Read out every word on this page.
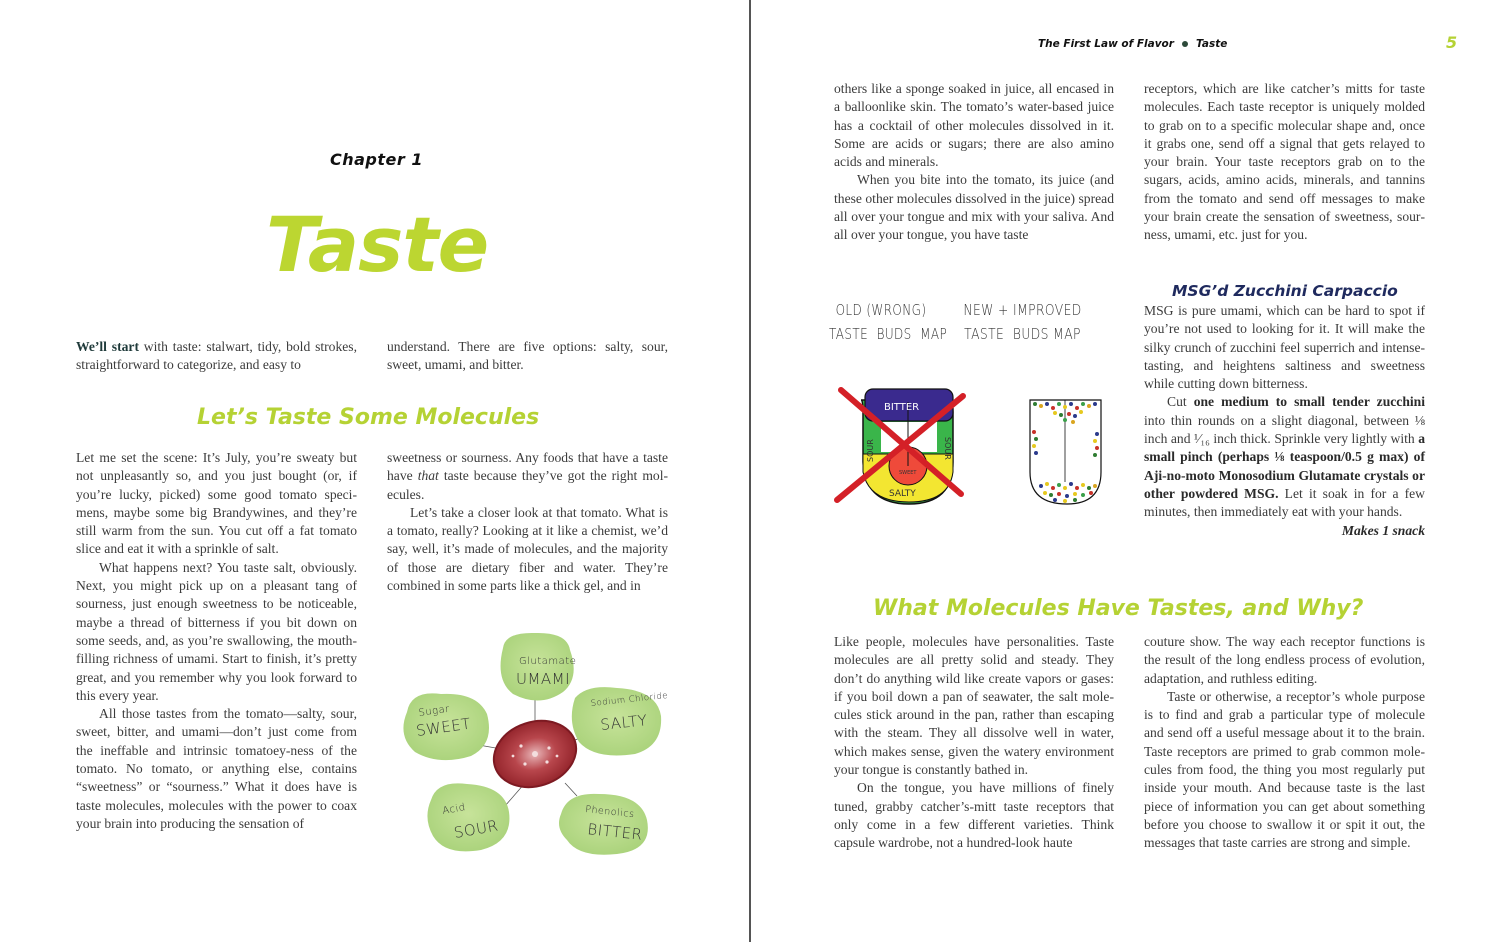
Chapter 1
Taste

We’ll start with taste: stalwart, tidy, bold strokes, straightforward to categorize, and easy to

understand. There are five options: salty, sour, sweet, umami, and bitter.

Let’s Taste Some Molecules

Let me set the scene: It’s July, you’re sweaty but not unpleasantly so, and you just bought (or, if you’re lucky, picked) some good tomato specimens, maybe some big Brandywines, and they’re still warm from the sun. You cut off a fat tomato slice and eat it with a sprinkle of salt.

What happens next? You taste salt, obviously. Next, you might pick up on a pleasant tang of sourness, just enough sweetness to be noticeable, maybe a thread of bitterness if you bit down on some seeds, and, as you’re swallowing, the mouth-filling richness of umami. Start to finish, it’s pretty great, and you remember why you look forward to this every year.

All those tastes from the tomato—salty, sour, sweet, bitter, and umami—don’t just come from the ineffable and intrinsic tomatoey-ness of the tomato. No tomato, or anything else, contains “sweetness” or “sourness.” What it does have is taste molecules, molecules with the power to coax your brain into producing the sensation of

sweetness or sourness. Any foods that have a taste have that taste because they’ve got the right molecules.

Let’s take a closer look at that tomato. What is a tomato, really? Looking at it like a chemist, we’d say, well, it’s made of molecules, and the majority of those are dietary fiber and water. They’re combined in some parts like a thick gel, and in

Glutamate
UMAMI
Sugar
SWEET
Sodium Chloride
SALTY
Acid
SOUR
Phenolics
BITTER
The First Law of Flavor Taste	5

others like a sponge soaked in juice, all encased in a balloonlike skin. The tomato’s water-based juice has a cocktail of other molecules dissolved in it. Some are acids or sugars; there are also amino acids and minerals.

When you bite into the tomato, its juice (and these other molecules dissolved in the juice) spread all over your tongue and mix with your saliva. And all over your tongue, you have taste

receptors, which are like catcher’s mitts for taste molecules. Each taste receptor is uniquely molded to grab on to a specific molecular shape and, once it grabs one, send off a signal that gets relayed to your brain. Your taste receptors grab on to the sugars, acids, amino acids, minerals, and tannins from the tomato and send off messages to make your brain create the sensation of sweetness, sourness, umami, etc. just for you.

OLD (WRONG)
TASTE  BUDS  MAP
NEW + IMPROVED
TASTE  BUDS MAP
BITTER
SOUR	SOUR
SWEET
SALTY
MSG’d Zucchini Carpaccio

MSG is pure umami, which can be hard to spot if you’re not used to looking for it. It will make the silky crunch of zucchini feel superrich and intense-tasting, and heightens saltiness and sweetness while cutting down bitterness.

Cut one medium to small tender zucchini into thin rounds on a slight diagonal, between ⅛ inch and ¹⁄₁₆ inch thick. Sprinkle very lightly with a small pinch (perhaps ⅛ teaspoon/0.5 g max) of Aji-no-moto Monosodium Glutamate crystals or other powdered MSG. Let it soak in for a few minutes, then immediately eat with your hands.

Makes 1 snack

What Molecules Have Tastes, and Why?

Like people, molecules have personalities. Taste molecules are all pretty solid and steady. They don’t do anything wild like create vapors or gases: if you boil down a pan of seawater, the salt molecules stick around in the pan, rather than escaping with the steam. They all dissolve well in water, which makes sense, given the watery environment your tongue is constantly bathed in.

On the tongue, you have millions of finely tuned, grabby catcher’s-mitt taste receptors that only come in a few different varieties. Think capsule wardrobe, not a hundred-look haute

couture show. The way each receptor functions is the result of the long endless process of evolution, adaptation, and ruthless editing.

Taste or otherwise, a receptor’s whole purpose is to find and grab a particular type of molecule and send off a useful message about it to the brain. Taste receptors are primed to grab common molecules from food, the thing you most regularly put inside your mouth. And because taste is the last piece of information you can get about something before you choose to swallow it or spit it out, the messages that taste carries are strong and simple.
